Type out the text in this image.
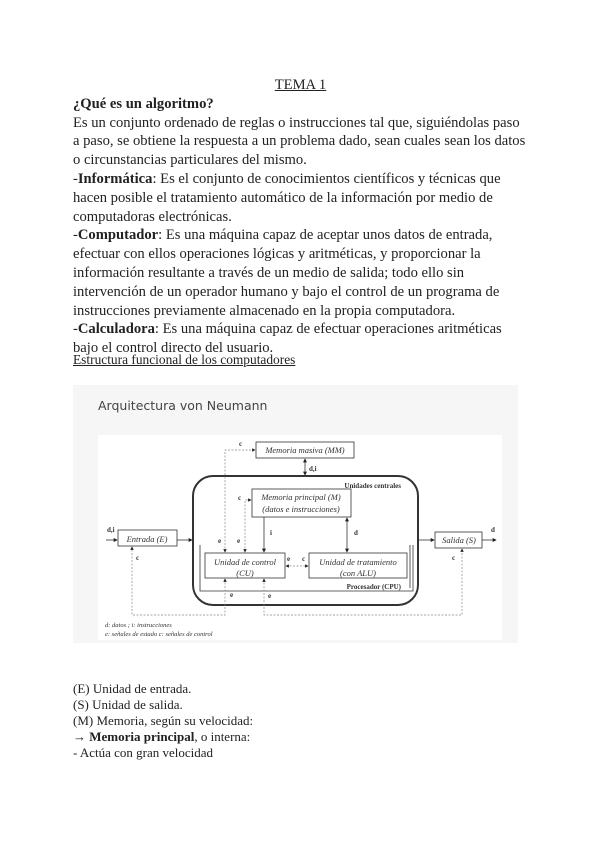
TEMA 1

¿Qué es un algoritmo?

Es un conjunto ordenado de reglas o instrucciones tal que, siguiéndolas paso a paso, se obtiene la respuesta a un problema dado, sean cuales sean los datos o circunstancias particulares del mismo.

-Informática: Es el conjunto de conocimientos científicos y técnicas que hacen posible el tratamiento automático de la información por medio de computadoras electrónicas.

-Computador: Es una máquina capaz de aceptar unos datos de entrada, efectuar con ellos operaciones lógicas y aritméticas, y proporcionar la información resultante a través de un medio de salida; todo ello sin intervención de un operador humano y bajo el control de un programa de instrucciones previamente almacenado en la propia computadora.

-Calculadora: Es una máquina capaz de efectuar operaciones aritméticas bajo el control directo del usuario.

Estructura funcional de los computadores
Arquitectura von Neumann
Memoria masiva (MM)
Memoria principal (M)
(datos e instrucciones)
Entrada (E)	Salida (S)
Unidad de control
(CU)
Unidad de tratamiento
(con ALU)
Unidades centrales
Procesador (CPU)
c
d,i
c
i	d
d,i
e e
e c
c	c
d
e	e
d: datos ; i: instrucciones
e: señales de estado c: señales de control
(E) Unidad de entrada.
(S) Unidad de salida.
(M) Memoria, según su velocidad:
→ Memoria principal, o interna:
- Actúa con gran velocidad
